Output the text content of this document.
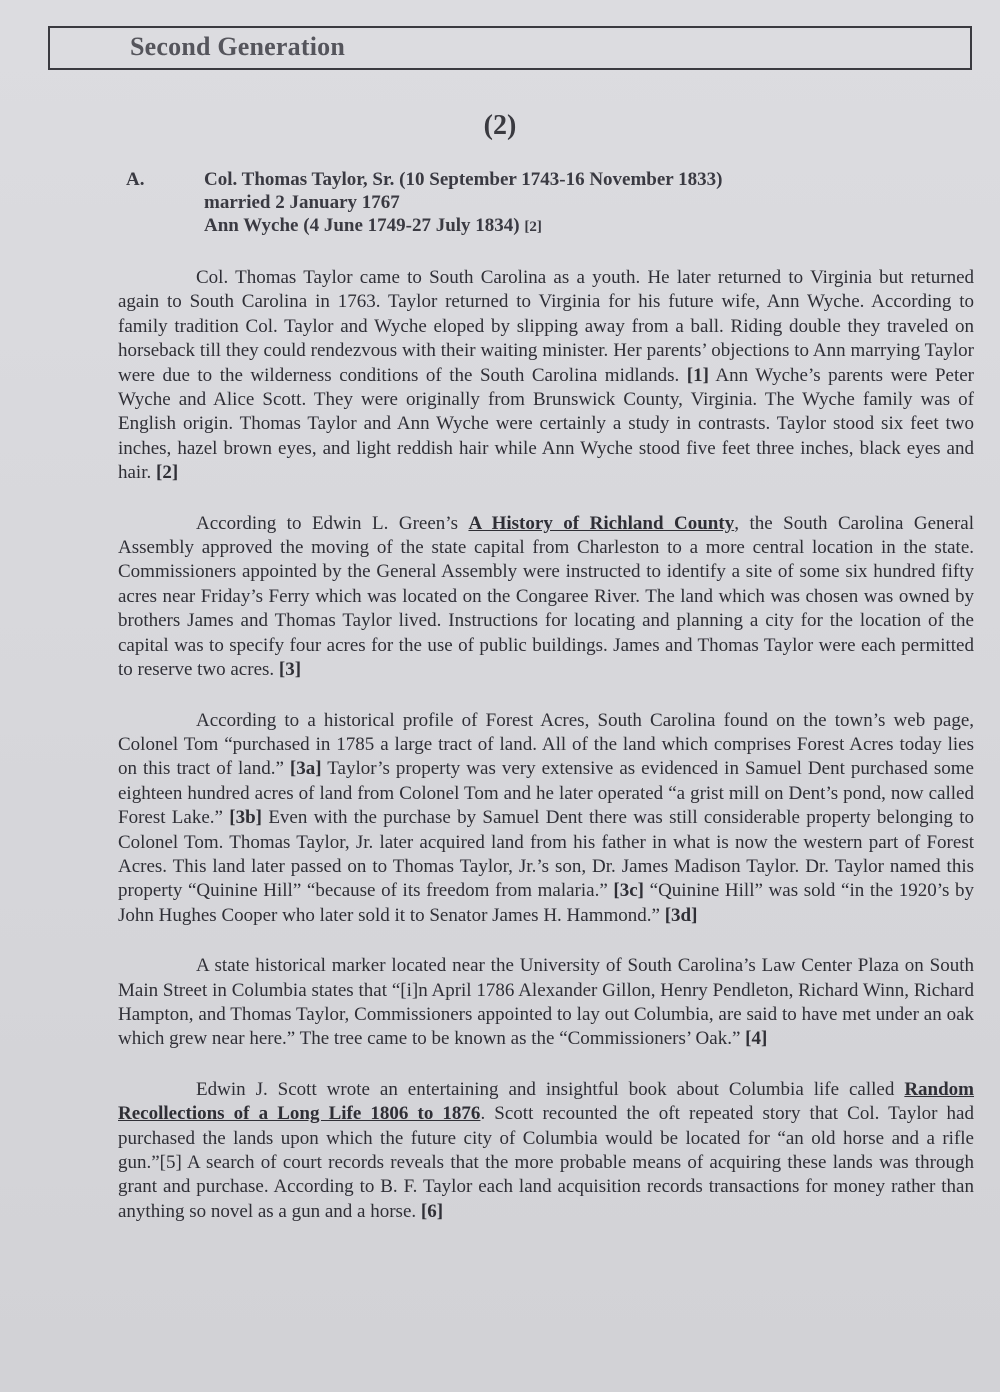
Second Generation
(2)
A.	Col. Thomas Taylor, Sr. (10 September 1743-16 November 1833)
married 2 January 1767
Ann Wyche (4 June 1749-27 July 1834) [2]

Col. Thomas Taylor came to South Carolina as a youth. He later returned to Virginia but returned again to South Carolina in 1763. Taylor returned to Virginia for his future wife, Ann Wyche. According to family tradition Col. Taylor and Wyche eloped by slipping away from a ball. Riding double they traveled on horseback till they could rendezvous with their waiting minister. Her parents’ objections to Ann marrying Taylor were due to the wilderness conditions of the South Carolina midlands. [1] Ann Wyche’s parents were Peter Wyche and Alice Scott. They were originally from Brunswick County, Virginia. The Wyche family was of English origin. Thomas Taylor and Ann Wyche were certainly a study in contrasts. Taylor stood six feet two inches, hazel brown eyes, and light reddish hair while Ann Wyche stood five feet three inches, black eyes and hair. [2]

According to Edwin L. Green’s A History of Richland County, the South Carolina General Assembly approved the moving of the state capital from Charleston to a more central location in the state. Commissioners appointed by the General Assembly were instructed to identify a site of some six hundred fifty acres near Friday’s Ferry which was located on the Congaree River. The land which was chosen was owned by brothers James and Thomas Taylor lived. Instructions for locating and planning a city for the location of the capital was to specify four acres for the use of public buildings. James and Thomas Taylor were each permitted to reserve two acres. [3]

According to a historical profile of Forest Acres, South Carolina found on the town’s web page, Colonel Tom “purchased in 1785 a large tract of land. All of the land which comprises Forest Acres today lies on this tract of land.” [3a] Taylor’s property was very extensive as evidenced in Samuel Dent purchased some eighteen hundred acres of land from Colonel Tom and he later operated “a grist mill on Dent’s pond, now called Forest Lake.” [3b] Even with the purchase by Samuel Dent there was still considerable property belonging to Colonel Tom. Thomas Taylor, Jr. later acquired land from his father in what is now the western part of Forest Acres. This land later passed on to Thomas Taylor, Jr.’s son, Dr. James Madison Taylor. Dr. Taylor named this property “Quinine Hill” “because of its freedom from malaria.” [3c] “Quinine Hill” was sold “in the 1920’s by John Hughes Cooper who later sold it to Senator James H. Hammond.” [3d]

A state historical marker located near the University of South Carolina’s Law Center Plaza on South Main Street in Columbia states that “[i]n April 1786 Alexander Gillon, Henry Pendleton, Richard Winn, Richard Hampton, and Thomas Taylor, Commissioners appointed to lay out Columbia, are said to have met under an oak which grew near here.” The tree came to be known as the “Commissioners’ Oak.” [4]

Edwin J. Scott wrote an entertaining and insightful book about Columbia life called Random Recollections of a Long Life 1806 to 1876. Scott recounted the oft repeated story that Col. Taylor had purchased the lands upon which the future city of Columbia would be located for “an old horse and a rifle gun.”[5] A search of court records reveals that the more probable means of acquiring these lands was through grant and purchase. According to B. F. Taylor each land acquisition records transactions for money rather than anything so novel as a gun and a horse. [6]
